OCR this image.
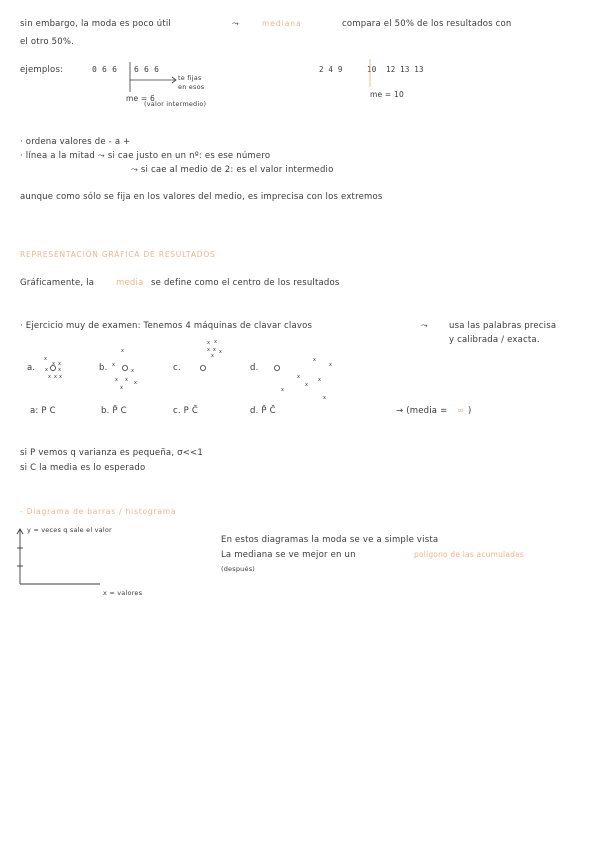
sin embargo, la moda es poco útil	⤳	mediana	compara el 50% de los resultados con
el otro 50%.
ejemplos:	0 6 6 6 6 6
te fijas
en esos
me = 6
(valor intermedio)
2 4 9	10 12 13 13
me = 10
· ordena valores de - a +
· línea a la mitad ⤳ si cae justo en un nº: es ese número
⤳ si cae al medio de 2: es el valor intermedio
aunque como sólo se fija en los valores del medio, es imprecisa con los extremos
REPRESENTACIÓN GRÁFICA DE RESULTADOS
Gráficamente, la	media se define como el centro de los resultados
· Ejercicio muy de examen: Tenemos 4 máquinas de clavar clavos	⤳ usa las palabras precisa
y calibrada / exacta.
a.	b.	c.	d.
a: P C	b. P̄ C	c. P C̄	d. P̄ C̄	→ (media = ∞ )
si P vemos q varianza es pequeña, σ<<1
si C la media es lo esperado
- Diagrama de barras / histograma
y = veces q sale el valor
x = valores
En estos diagramas la moda se ve a simple vista
La mediana se ve mejor en un	polígono de las acumuladas
(después)
x
x x
x x
x x x
x
x
x
x x x
x
x x
x x x
x
x
x
x	x
x
x
x
